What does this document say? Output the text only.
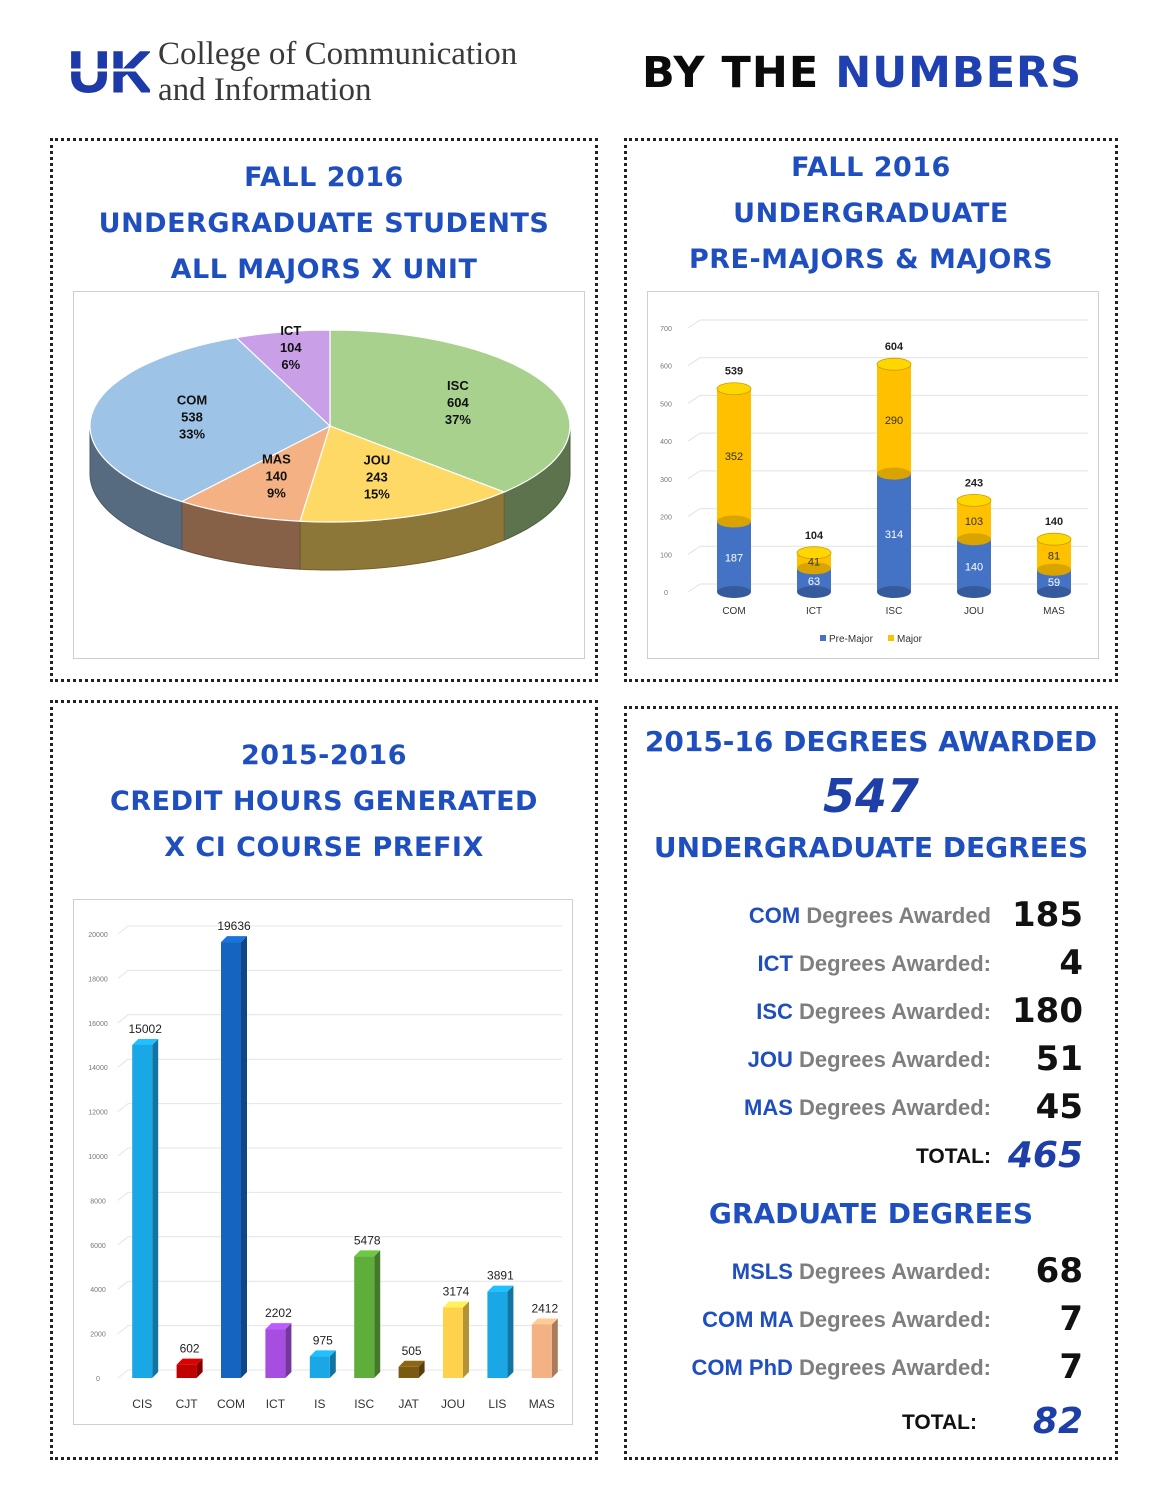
UK College of Communication
and Information	BY THE NUMBERS
FALL 2016
UNDERGRADUATE STUDENTS
ALL MAJORS X UNIT
ISC
604
37%
JOU
243
15%
MAS
140
9%
COM
538
33%
ICT
104
6%
FALL 2016
UNDERGRADUATE
PRE-MAJORS & MAJORS
0
100
200
300
400
500
600
700
187
352
539
COM
63
41
104
ICT
314
290
604
ISC
140
103
243
JOU
59
81
140
MAS
Pre-Major Major
2015-2016
CREDIT HOURS GENERATED
X CI COURSE PREFIX
0
2000
4000
6000
8000
10000
12000
14000
16000
18000
20000
15002
CIS
602
CJT
19636
COM
2202
ICT
975
IS
5478
ISC
505
JAT
3174
JOU
3891
LIS
2412
MAS
2015-16 DEGREES AWARDED
547
UNDERGRADUATE DEGREES
COM Degrees Awarded 185
ICT Degrees Awarded: 4
ISC Degrees Awarded: 180
JOU Degrees Awarded: 51
MAS Degrees Awarded: 45
TOTAL: 465
GRADUATE DEGREES
MSLS Degrees Awarded: 68
COM MA Degrees Awarded: 7
COM PhD Degrees Awarded: 7
TOTAL: 82
